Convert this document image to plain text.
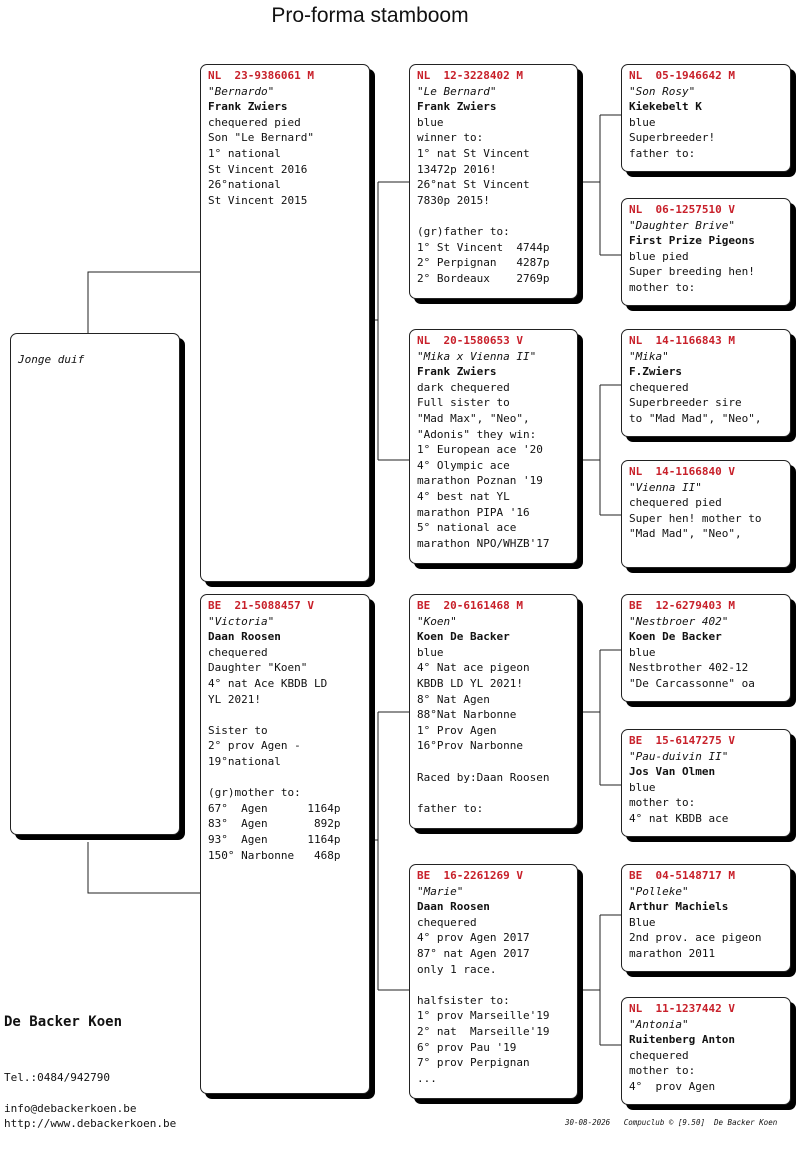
Pro-forma stamboom
Jonge duif
NL  23-9386061 M
"Bernardo"
Frank Zwiers
chequered pied
Son "Le Bernard"
1° national
St Vincent 2016
26°national
St Vincent 2015
BE  21-5088457 V
"Victoria"
Daan Roosen
chequered
Daughter "Koen"
4° nat Ace KBDB LD
YL 2021!
Sister to
2° prov Agen -
19°national
(gr)mother to:
67°  Agen      1164p
83°  Agen       892p
93°  Agen      1164p
150° Narbonne   468p
NL  12-3228402 M
"Le Bernard"
Frank Zwiers
blue
winner to:
1° nat St Vincent
13472p 2016!
26°nat St Vincent
7830p 2015!
(gr)father to:
1° St Vincent  4744p
2° Perpignan   4287p
2° Bordeaux    2769p
NL  20-1580653 V
"Mika x Vienna II"
Frank Zwiers
dark chequered
Full sister to
"Mad Max", "Neo",
"Adonis" they win:
1° European ace '20
4° Olympic ace
marathon Poznan '19
4° best nat YL
marathon PIPA '16
5° national ace
marathon NPO/WHZB'17
BE  20-6161468 M
"Koen"
Koen De Backer
blue
4° Nat ace pigeon
KBDB LD YL 2021!
8° Nat Agen
88°Nat Narbonne
1° Prov Agen
16°Prov Narbonne
Raced by:Daan Roosen
father to:
BE  16-2261269 V
"Marie"
Daan Roosen
chequered
4° prov Agen 2017
87° nat Agen 2017
only 1 race.
halfsister to:
1° prov Marseille'19
2° nat  Marseille'19
6° prov Pau '19
7° prov Perpignan
...
NL  05-1946642 M
"Son Rosy"
Kiekebelt K
blue
Superbreeder!
father to:
NL  06-1257510 V
"Daughter Brive"
First Prize Pigeons
blue pied
Super breeding hen!
mother to:
NL  14-1166843 M
"Mika"
F.Zwiers
chequered
Superbreeder sire
to "Mad Mad", "Neo",
NL  14-1166840 V
"Vienna II"
chequered pied
Super hen! mother to
"Mad Mad", "Neo",
BE  12-6279403 M
"Nestbroer 402"
Koen De Backer
blue
Nestbrother 402-12
"De Carcassonne" oa
BE  15-6147275 V
"Pau-duivin II"
Jos Van Olmen
blue
mother to:
4° nat KBDB ace
BE  04-5148717 M
"Polleke"
Arthur Machiels
Blue
2nd prov. ace pigeon
marathon 2011
NL  11-1237442 V
"Antonia"
Ruitenberg Anton
chequered
mother to:
4°  prov Agen
De Backer Koen
Tel.:0484/942790
info@debackerkoen.be
http://www.debackerkoen.be	30-08-2026   Compuclub © [9.50]  De Backer Koen
